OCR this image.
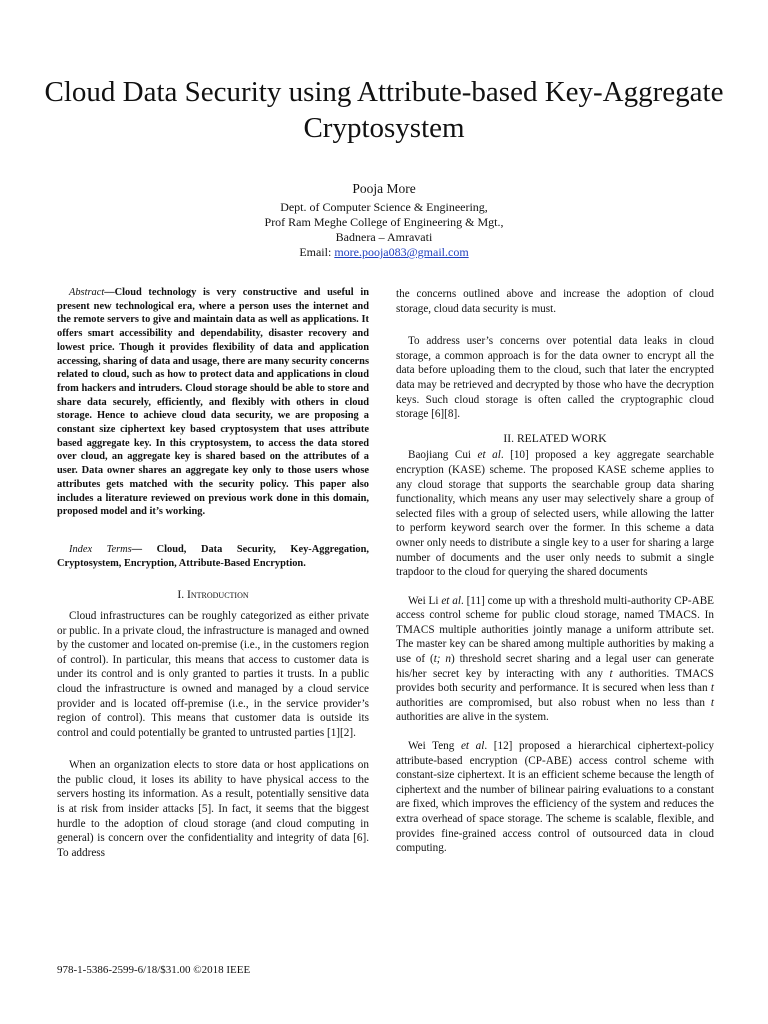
Cloud Data Security using Attribute-based Key-Aggregate Cryptosystem
Pooja More
Dept. of Computer Science & Engineering,
Prof Ram Meghe College of Engineering & Mgt.,
Badnera – Amravati
Email: more.pooja083@gmail.com

Abstract—Cloud technology is very constructive and useful in present new technological era, where a person uses the internet and the remote servers to give and maintain data as well as applications. It offers smart accessibility and dependability, disaster recovery and lowest price. Though it provides flexibility of data and application accessing, sharing of data and usage, there are many security concerns related to cloud, such as how to protect data and applications in cloud from hackers and intruders. Cloud storage should be able to store and share data securely, efficiently, and flexibly with others in cloud storage. Hence to achieve cloud data security, we are proposing a constant size ciphertext key based cryptosystem that uses attribute based aggregate key. In this cryptosystem, to access the data stored over cloud, an aggregate key is shared based on the attributes of a user. Data owner shares an aggregate key only to those users whose attributes gets matched with the security policy. This paper also includes a literature reviewed on previous work done in this domain, proposed model and it’s working.

Index Terms— Cloud, Data Security, Key-Aggregation, Cryptosystem, Encryption, Attribute-Based Encryption.

I. Introduction

Cloud infrastructures can be roughly categorized as either private or public. In a private cloud, the infrastructure is managed and owned by the customer and located on-premise (i.e., in the customers region of control). In particular, this means that access to customer data is under its control and is only granted to parties it trusts. In a public cloud the infrastructure is owned and managed by a cloud service provider and is located off-premise (i.e., in the service provider’s region of control). This means that customer data is outside its control and could potentially be granted to untrusted parties [1][2].

When an organization elects to store data or host applications on the public cloud, it loses its ability to have physical access to the servers hosting its information. As a result, potentially sensitive data is at risk from insider attacks [5]. In fact, it seems that the biggest hurdle to the adoption of cloud storage (and cloud computing in general) is concern over the confidentiality and integrity of data [6]. To address

the concerns outlined above and increase the adoption of cloud storage, cloud data security is must.

To address user’s concerns over potential data leaks in cloud storage, a common approach is for the data owner to encrypt all the data before uploading them to the cloud, such that later the encrypted data may be retrieved and decrypted by those who have the decryption keys. Such cloud storage is often called the cryptographic cloud storage [6][8].

II. RELATED WORK

Baojiang Cui et al. [10] proposed a key aggregate searchable encryption (KASE) scheme. The proposed KASE scheme applies to any cloud storage that supports the searchable group data sharing functionality, which means any user may selectively share a group of selected files with a group of selected users, while allowing the latter to perform keyword search over the former. In this scheme a data owner only needs to distribute a single key to a user for sharing a large number of documents and the user only needs to submit a single trapdoor to the cloud for querying the shared documents

Wei Li et al. [11] come up with a threshold multi-authority CP-ABE access control scheme for public cloud storage, named TMACS. In TMACS multiple authorities jointly manage a uniform attribute set. The master key can be shared among multiple authorities by making a use of (t; n) threshold secret sharing and a legal user can generate his/her secret key by interacting with any t authorities. TMACS provides both security and performance. It is secured when less than t authorities are compromised, but also robust when no less than t authorities are alive in the system.

Wei Teng et al. [12] proposed a hierarchical ciphertext-policy attribute-based encryption (CP-ABE) access control scheme with constant-size ciphertext. It is an efficient scheme because the length of ciphertext and the number of bilinear pairing evaluations to a constant are fixed, which improves the efficiency of the system and reduces the extra overhead of space storage. The scheme is scalable, flexible, and provides fine-grained access control of outsourced data in cloud computing.

978-1-5386-2599-6/18/$31.00 ©2018 IEEE
